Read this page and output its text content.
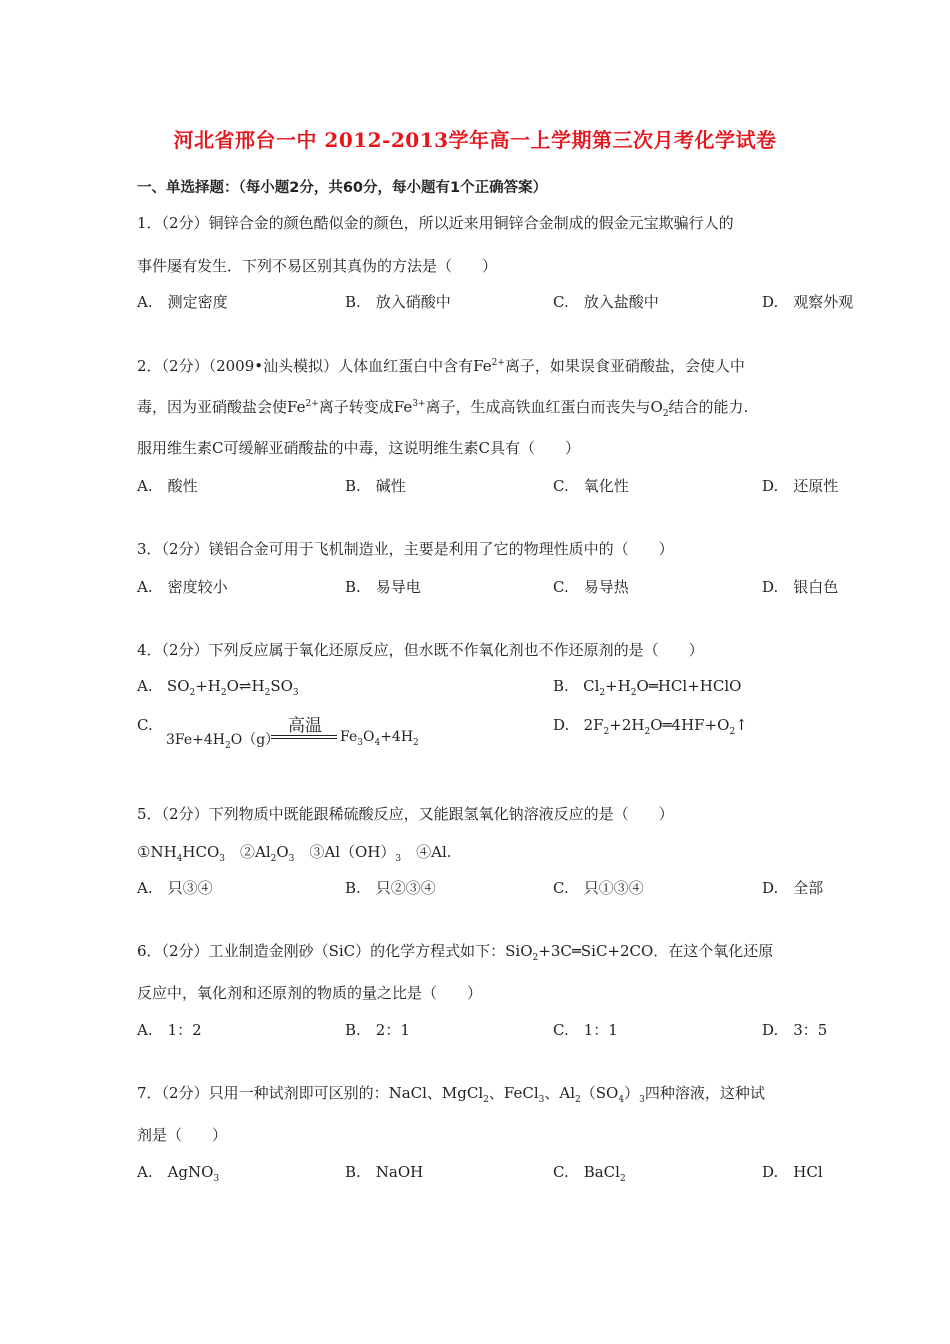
河北省邢台一中 2012-2013学年高一上学期第三次月考化学试卷
一、单选择题：（每小题2分，共60分，每小题有1个正确答案）
1．（2分）铜锌合金的颜色酷似金的颜色，所以近来用铜锌合金制成的假金元宝欺骗行人的
事件屡有发生．下列不易区别其真伪的方法是（　　）
A.　测定密度	B.　放入硝酸中	C.　放入盐酸中	D.　观察外观
2．（2分）（2009•汕头模拟）人体血红蛋白中含有$Fe^{2+}$离子，如果误食亚硝酸盐，会使人中
毒，因为亚硝酸盐会使$Fe^{2+}$离子转变成$Fe^{3+}$离子，生成高铁血红蛋白而丧失与$O_2$结合的能力.
服用维生素C可缓解亚硝酸盐的中毒，这说明维生素C具有（　　）
A.　酸性	B.　碱性	C.　氧化性	D.　还原性
3．（2分）镁铝合金可用于飞机制造业，主要是利用了它的物理性质中的（　　）
A.　密度较小	B.　易导电	C.　易导热	D.　银白色
4．（2分）下列反应属于氧化还原反应，但水既不作氧化剂也不作还原剂的是（　　）
A. $SO_2+H_2O\rightleftharpoons H_2SO_3$	B. $Cl_2+H_2O═HCl+HClO$
C.	高温
$3Fe+4H_2O(g)$	$Fe_3O_4+4H_2$
D. $2F_2+2H_2O═4HF+O_2↑$
5．（2分）下列物质中既能跟稀硫酸反应，又能跟氢氧化钠溶液反应的是（　　）
$①NH_4HCO_3$　$②Al_2O_3$　$③Al(OH)_3$　④Al.
A.　只③④	B.　只②③④	C.　只①③④	D.　全部
6．（2分）工业制造金刚砂（SiC）的化学方程式如下：SiO$_2$+3C═SiC+2CO．在这个氧化还原
反应中，氧化剂和还原剂的物质的量之比是（　　）
A.　1：2	B.　2：1	C.　1：1	D.　3：5
7．（2分）只用一种试剂即可区别的：NaCl、MgCl$_2$、FeCl$_3$、$Al_2(SO_4)_3$四种溶液，这种试
剂是（　　）
A.　AgNO$_3$	B.　NaOH	C.　BaCl$_2$	D.　HCl
